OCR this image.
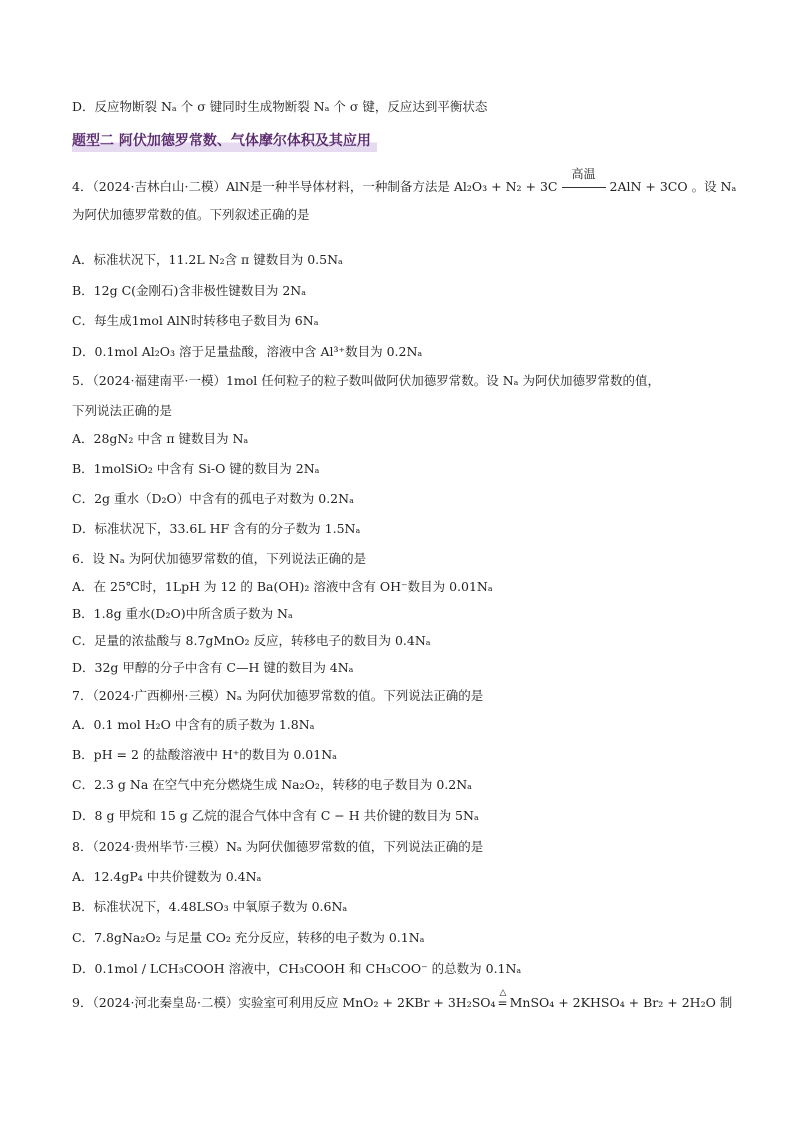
D．反应物断裂 Nₐ 个 σ 键同时生成物断裂 Nₐ 个 σ 键，反应达到平衡状态
题型二 阿伏加德罗常数、气体摩尔体积及其应用
4．（2024·吉林白山·二模）AlN是一种半导体材料，一种制备方法是 Al₂O₃ + N₂ + 3C
高温
2AlN + 3CO 。设 Nₐ
为阿伏加德罗常数的值。下列叙述正确的是
A．标准状况下，11.2L N₂含 π 键数目为 0.5Nₐ
B．12g C(金刚石)含非极性键数目为 2Nₐ
C．每生成1mol AlN时转移电子数目为 6Nₐ
D．0.1mol Al₂O₃ 溶于足量盐酸，溶液中含 Al³⁺数目为 0.2Nₐ
5．（2024·福建南平·一模）1mol 任何粒子的粒子数叫做阿伏加德罗常数。设 Nₐ 为阿伏加德罗常数的值，
下列说法正确的是
A．28gN₂ 中含 π 键数目为 Nₐ
B．1molSiO₂ 中含有 Si-O 键的数目为 2Nₐ
C．2g 重水（D₂O）中含有的孤电子对数为 0.2Nₐ
D．标准状况下，33.6L HF 含有的分子数为 1.5Nₐ
6．设 Nₐ 为阿伏加德罗常数的值，下列说法正确的是
A．在 25℃时，1LpH 为 12 的 Ba(OH)₂ 溶液中含有 OH⁻数目为 0.01Nₐ
B．1.8g 重水(D₂O)中所含质子数为 Nₐ
C．足量的浓盐酸与 8.7gMnO₂ 反应，转移电子的数目为 0.4Nₐ
D．32g 甲醇的分子中含有 C—H 键的数目为 4Nₐ
7．（2024·广西柳州·三模）Nₐ 为阿伏加德罗常数的值。下列说法正确的是
A．0.1 mol H₂O 中含有的质子数为 1.8Nₐ
B．pH = 2 的盐酸溶液中 H⁺的数目为 0.01Nₐ
C．2.3 g Na 在空气中充分燃烧生成 Na₂O₂，转移的电子数目为 0.2Nₐ
D．8 g 甲烷和 15 g 乙烷的混合气体中含有 C − H 共价键的数目为 5Nₐ
8．（2024·贵州毕节·三模）Nₐ 为阿伏伽德罗常数的值，下列说法正确的是
A．12.4gP₄ 中共价键数为 0.4Nₐ
B．标准状况下，4.48LSO₃ 中氧原子数为 0.6Nₐ
C．7.8gNa₂O₂ 与足量 CO₂ 充分反应，转移的电子数为 0.1Nₐ
D．0.1mol / LCH₃COOH 溶液中，CH₃COOH 和 CH₃COO⁻ 的总数为 0.1Nₐ
9．（2024·河北秦皇岛·二模）实验室可利用反应 MnO₂ + 2KBr + 3H₂SO₄
△
= MnSO₄ + 2KHSO₄ + Br₂ + 2H₂O 制
